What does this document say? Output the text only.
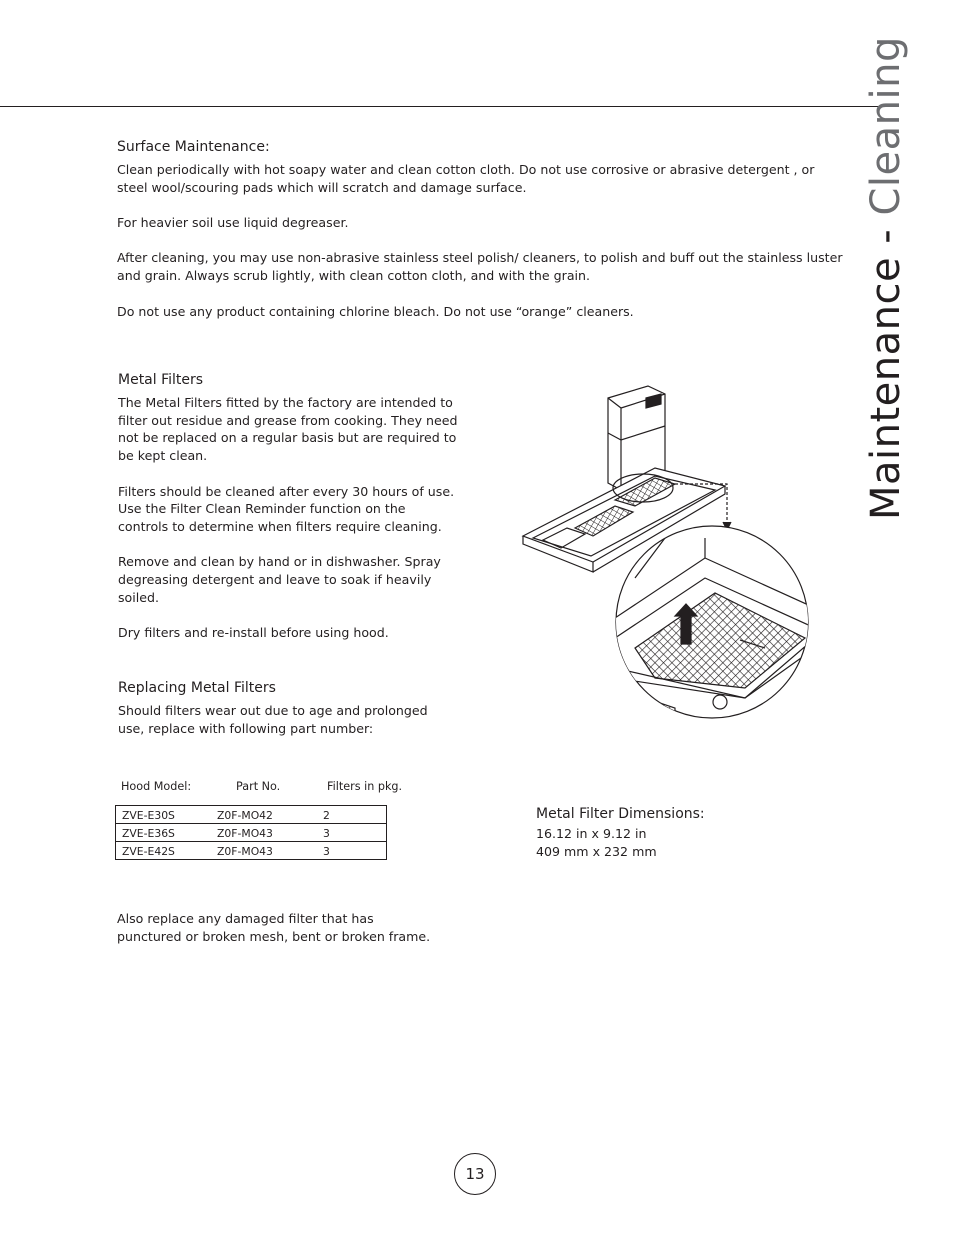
Maintenance - Cleaning
Surface Maintenance:

Clean periodically with hot soapy water and clean cotton cloth. Do not use corrosive or abrasive detergent , or steel wool/scouring pads which will scratch and damage surface.

For heavier soil use liquid degreaser.

After cleaning, you may use non-abrasive stainless steel polish/ cleaners, to polish and buff out the stainless luster and grain. Always scrub lightly, with clean cotton cloth, and with the grain.

Do not use any product containing chlorine bleach. Do not use “orange” cleaners.

Metal Filters

The Metal Filters fitted by the factory are intended to filter out residue and grease from cooking. They need not be replaced on a regular basis but are required to be kept clean.

Filters should be cleaned after every 30 hours of use. Use the Filter Clean Reminder function on the controls to determine when filters require cleaning.

Remove and clean by hand or in dishwasher. Spray degreasing detergent and leave to soak if heavily soiled.

Dry filters and re-install before using hood.

Replacing Metal Filters

Should filters wear out due to age and prolonged use, replace with following part number:

Hood Model:	Part No.	Filters in pkg.
ZVE-E30S	Z0F-MO42	2
ZVE-E36S	Z0F-MO43	3
ZVE-E42S	Z0F-MO43	3

Also replace any damaged filter that has punctured or broken mesh, bent or broken frame.

Metal Filter Dimensions:
16.12 in x 9.12 in
409 mm x 232 mm
13
